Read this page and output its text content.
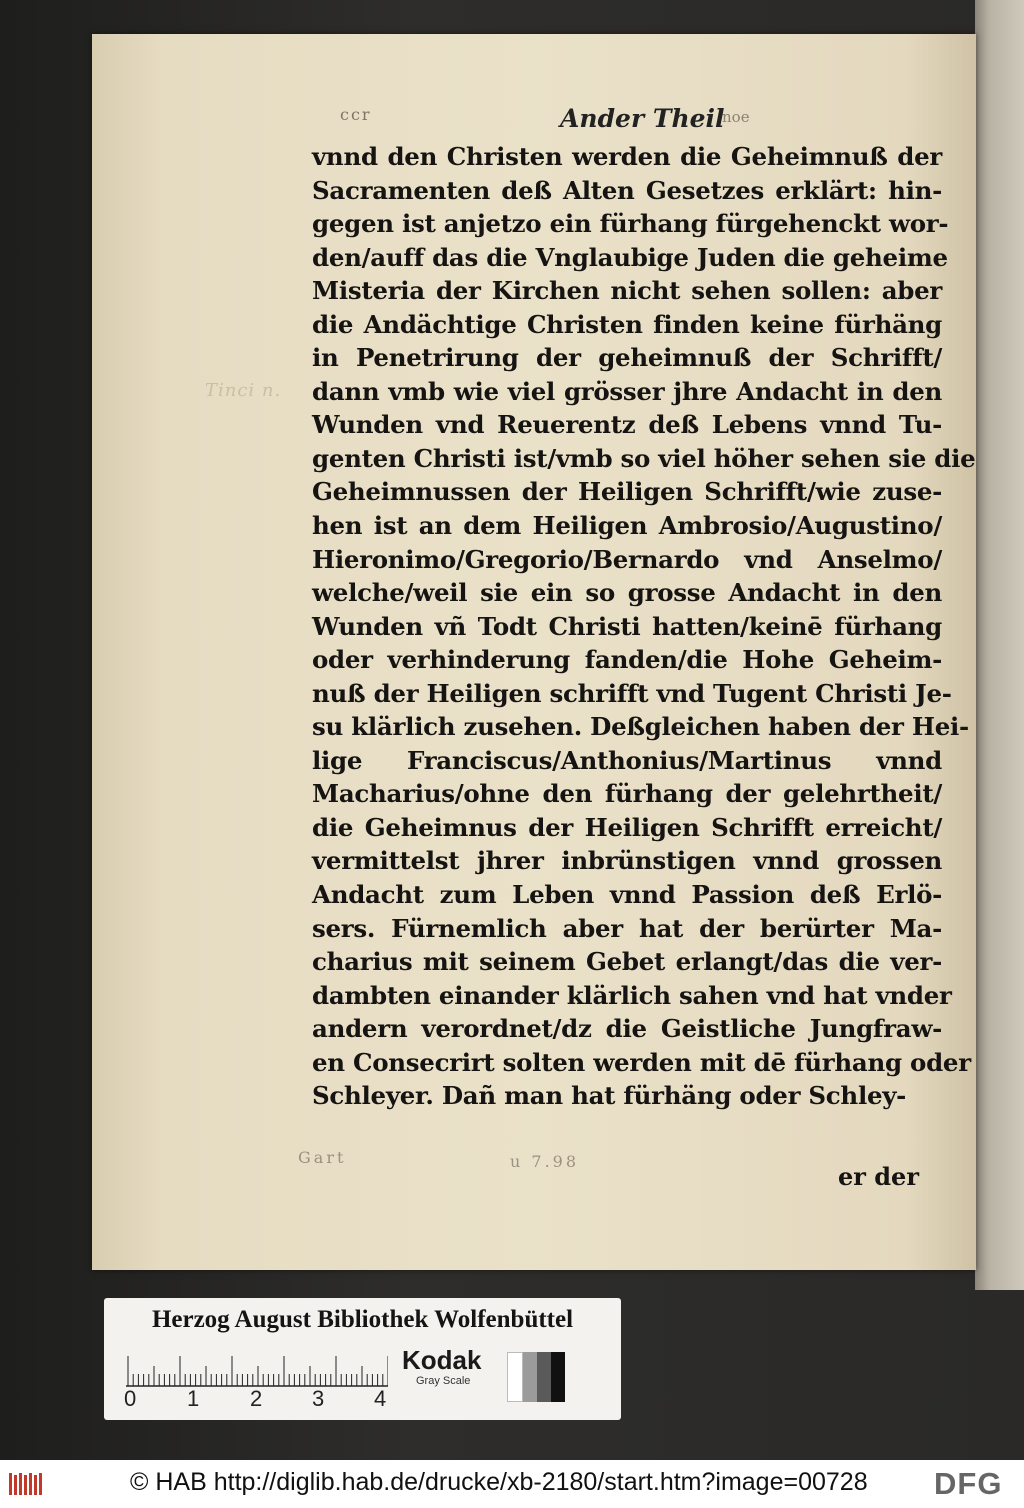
Tinci n.
ccr	Ander Theil
noe
vnnd den Christen werden die Geheimnuß der
Sacramenten deß Alten Gesetzes erklärt: hin-
gegen ist anjetzo ein fürhang fürgehenckt wor-
den/auff das die Vnglaubige Juden die geheime
Misteria der Kirchen nicht sehen sollen: aber
die Andächtige Christen finden keine fürhäng
in Penetrirung der geheimnuß der Schrifft/
dann vmb wie viel grösser jhre Andacht in den
Wunden vnd Reuerentz deß Lebens vnnd Tu-
genten Christi ist/vmb so viel höher sehen sie die
Geheimnussen der Heiligen Schrifft/wie zuse-
hen ist an dem Heiligen Ambrosio/Augustino/
Hieronimo/Gregorio/Bernardo vnd Anselmo/
welche/weil sie ein so grosse Andacht in den
Wunden vñ Todt Christi hatten/keinē fürhang
oder verhinderung fanden/die Hohe Geheim-
nuß der Heiligen schrifft vnd Tugent Christi Je-
su klärlich zusehen. Deßgleichen haben der Hei-
lige Franciscus/Anthonius/Martinus vnnd
Macharius/ohne den fürhang der gelehrtheit/
die Geheimnus der Heiligen Schrifft erreicht/
vermittelst jhrer inbrünstigen vnnd grossen
Andacht zum Leben vnnd Passion deß Erlö-
sers. Fürnemlich aber hat der berürter Ma-
charius mit seinem Gebet erlangt/das die ver-
dambten einander klärlich sahen vnd hat vnder
andern verordnet/dz die Geistliche Jungfraw-
en Consecrirt solten werden mit dē fürhang oder
Schleyer. Dañ man hat fürhäng oder Schley-
Gart	u 7.98
er der
Herzog August Bibliothek Wolfenbüttel
0 1 2 3 4
Kodak
Gray Scale
© HAB http://diglib.hab.de/drucke/xb-2180/start.htm?image=00728 DFG
